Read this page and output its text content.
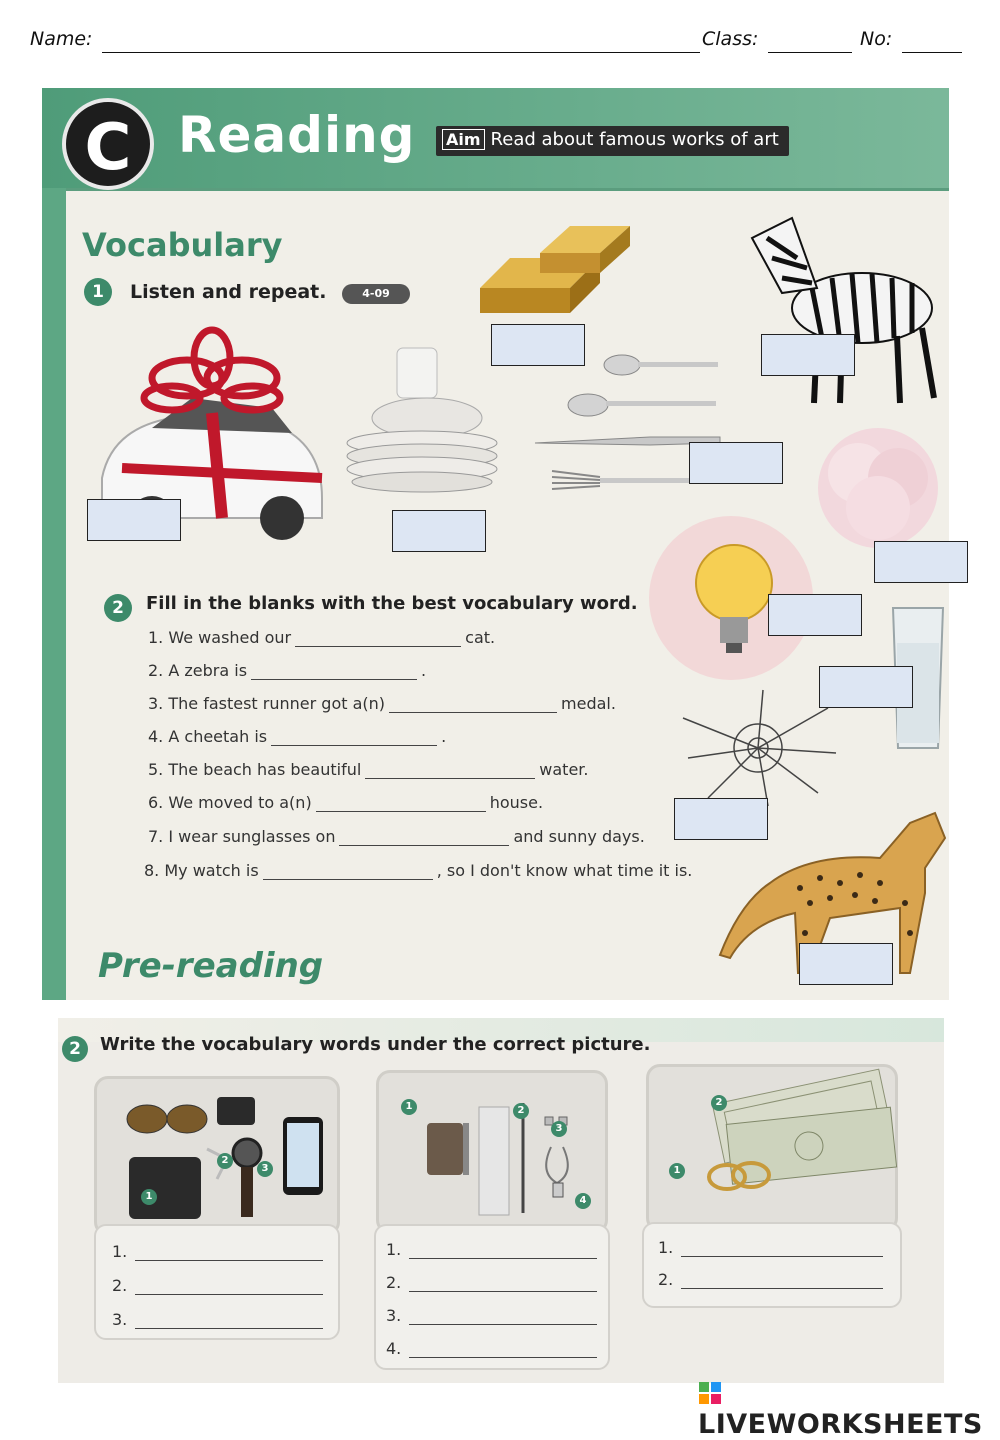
Name:	Class:	No:
C Reading	Aim Read about famous works of art
Vocabulary
1	Listen and repeat.	4-09
2	Fill in the blanks with the best vocabulary word.
1. We washed our	cat.
2. A zebra is	.
3. The fastest runner got a(n)	medal.
4. A cheetah is	.
5. The beach has beautiful	water.
6. We moved to a(n)	house.
7. I wear sunglasses on	and sunny days.
8. My watch is	, so I don't know what time it is.
Pre-reading
2	Write the vocabulary words under the correct picture.
1
2
3
1.
2.
3.
1	2
3
4
1.
2.
3.
4.
2
1
1.
2.
LIVEWORKSHEETS
